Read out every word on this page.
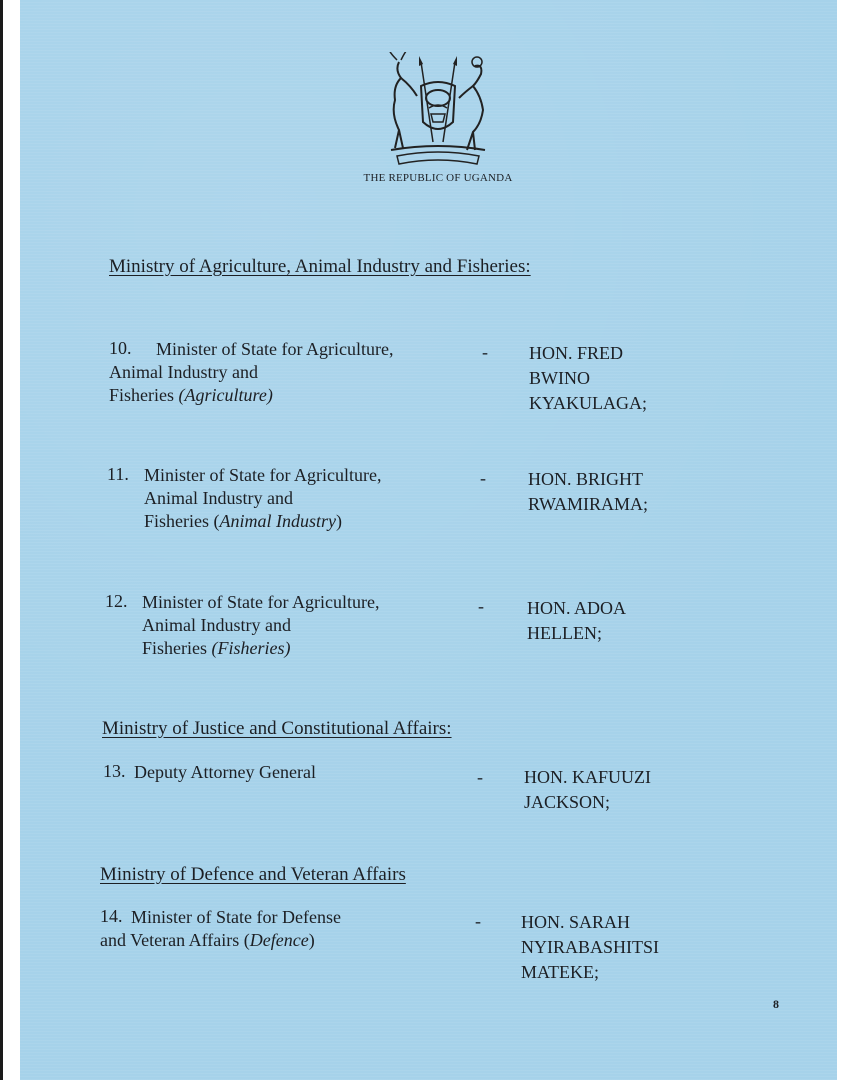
THE REPUBLIC OF UGANDA
Ministry of Agriculture, Animal Industry and Fisheries:
10. Minister of State for Agriculture,
Animal Industry and
Fisheries (Agriculture)
- HON. FRED
BWINO
KYAKULAGA;
11. Minister of State for Agriculture,
Animal Industry and
Fisheries (Animal Industry)
- HON. BRIGHT
RWAMIRAMA;
12. Minister of State for Agriculture,
Animal Industry and
Fisheries (Fisheries)
- HON. ADOA
HELLEN;
Ministry of Justice and Constitutional Affairs:
13. Deputy Attorney General	- HON. KAFUUZI
JACKSON;
Ministry of Defence and Veteran Affairs
14. Minister of State for Defense
and Veteran Affairs (Defence)
- HON. SARAH
NYIRABASHITSI
MATEKE;
8
